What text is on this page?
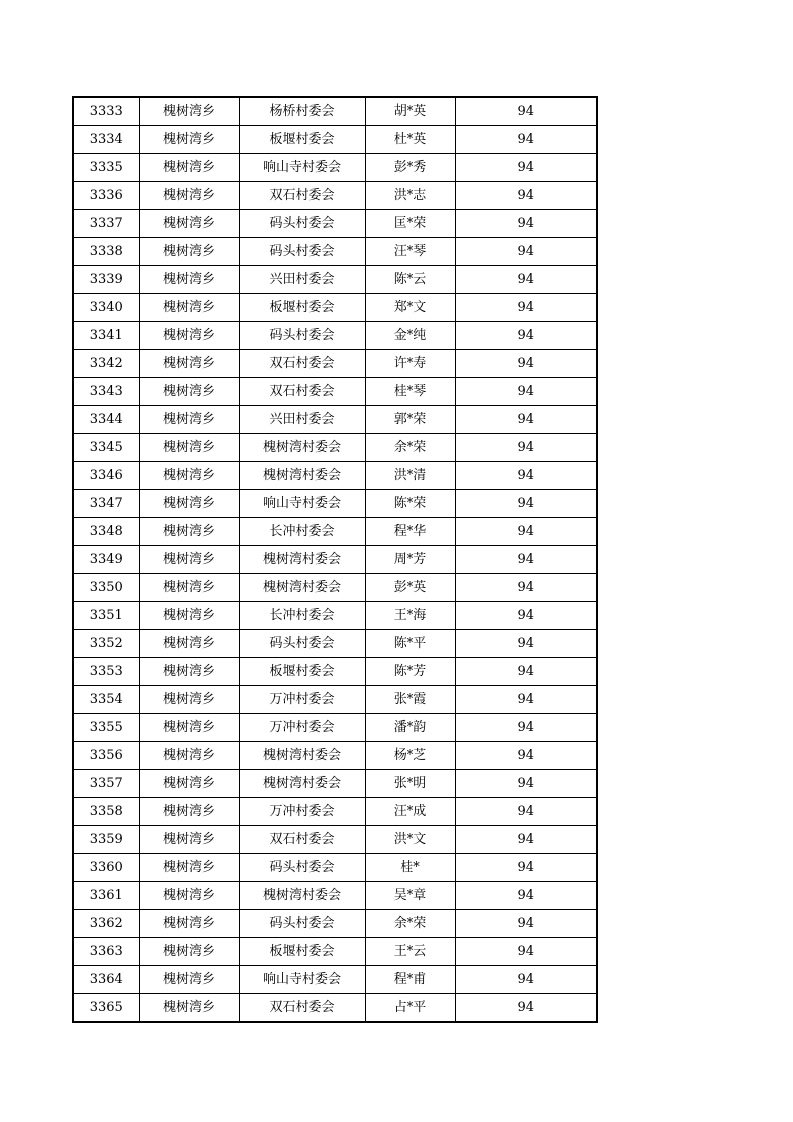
3333	槐树湾乡	杨桥村委会	胡*英	94
3334	槐树湾乡	板堰村委会	杜*英	94
3335	槐树湾乡	响山寺村委会	彭*秀	94
3336	槐树湾乡	双石村委会	洪*志	94
3337	槐树湾乡	码头村委会	匡*荣	94
3338	槐树湾乡	码头村委会	汪*琴	94
3339	槐树湾乡	兴田村委会	陈*云	94
3340	槐树湾乡	板堰村委会	郑*文	94
3341	槐树湾乡	码头村委会	金*纯	94
3342	槐树湾乡	双石村委会	许*寿	94
3343	槐树湾乡	双石村委会	桂*琴	94
3344	槐树湾乡	兴田村委会	郭*荣	94
3345	槐树湾乡	槐树湾村委会	余*荣	94
3346	槐树湾乡	槐树湾村委会	洪*清	94
3347	槐树湾乡	响山寺村委会	陈*荣	94
3348	槐树湾乡	长冲村委会	程*华	94
3349	槐树湾乡	槐树湾村委会	周*芳	94
3350	槐树湾乡	槐树湾村委会	彭*英	94
3351	槐树湾乡	长冲村委会	王*海	94
3352	槐树湾乡	码头村委会	陈*平	94
3353	槐树湾乡	板堰村委会	陈*芳	94
3354	槐树湾乡	万冲村委会	张*霞	94
3355	槐树湾乡	万冲村委会	潘*韵	94
3356	槐树湾乡	槐树湾村委会	杨*芝	94
3357	槐树湾乡	槐树湾村委会	张*明	94
3358	槐树湾乡	万冲村委会	汪*成	94
3359	槐树湾乡	双石村委会	洪*文	94
3360	槐树湾乡	码头村委会	桂*	94
3361	槐树湾乡	槐树湾村委会	吴*章	94
3362	槐树湾乡	码头村委会	余*荣	94
3363	槐树湾乡	板堰村委会	王*云	94
3364	槐树湾乡	响山寺村委会	程*甫	94
3365	槐树湾乡	双石村委会	占*平	94
